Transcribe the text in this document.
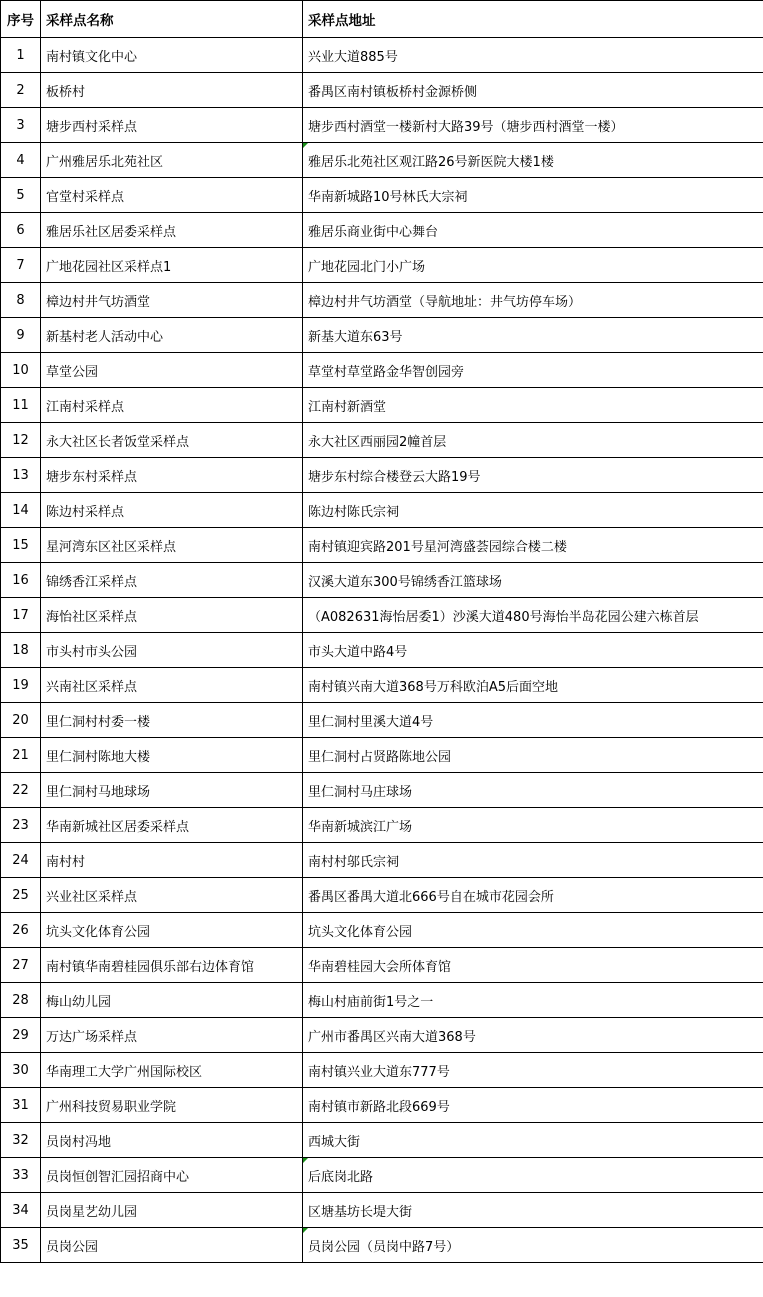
序号	采样点名称	采样点地址
1	南村镇文化中心	兴业大道885号
2	板桥村	番禺区南村镇板桥村金源桥侧
3	塘步西村采样点	塘步西村酒堂一楼新村大路39号（塘步西村酒堂一楼）
4	广州雅居乐北苑社区	雅居乐北苑社区观江路26号新医院大楼1楼
5	官堂村采样点	华南新城路10号林氏大宗祠
6	雅居乐社区居委采样点	雅居乐商业街中心舞台
7	广地花园社区采样点1	广地花园北门小广场
8	樟边村井气坊酒堂	樟边村井气坊酒堂（导航地址：井气坊停车场）
9	新基村老人活动中心	新基大道东63号
10	草堂公园	草堂村草堂路金华智创园旁
11	江南村采样点	江南村新酒堂
12	永大社区长者饭堂采样点	永大社区西丽园2幢首层
13	塘步东村采样点	塘步东村综合楼登云大路19号
14	陈边村采样点	陈边村陈氏宗祠
15	星河湾东区社区采样点	南村镇迎宾路201号星河湾盛荟园综合楼二楼
16	锦绣香江采样点	汉溪大道东300号锦绣香江篮球场
17	海怡社区采样点	（A082631海怡居委1）沙溪大道480号海怡半岛花园公建六栋首层
18	市头村市头公园	市头大道中路4号
19	兴南社区采样点	南村镇兴南大道368号万科欧泊A5后面空地
20	里仁洞村村委一楼	里仁洞村里溪大道4号
21	里仁洞村陈地大楼	里仁洞村占贤路陈地公园
22	里仁洞村马地球场	里仁洞村马庄球场
23	华南新城社区居委采样点	华南新城滨江广场
24	南村村	南村村邬氏宗祠
25	兴业社区采样点	番禺区番禺大道北666号自在城市花园会所
26	坑头文化体育公园	坑头文化体育公园
27	南村镇华南碧桂园俱乐部右边体育馆	华南碧桂园大会所体育馆
28	梅山幼儿园	梅山村庙前街1号之一
29	万达广场采样点	广州市番禺区兴南大道368号
30	华南理工大学广州国际校区	南村镇兴业大道东777号
31	广州科技贸易职业学院	南村镇市新路北段669号
32	员岗村冯地	西城大街
33	员岗恒创智汇园招商中心	后底岗北路
34	员岗星艺幼儿园	区塘基坊长堤大街
35	员岗公园	员岗公园（员岗中路7号）
